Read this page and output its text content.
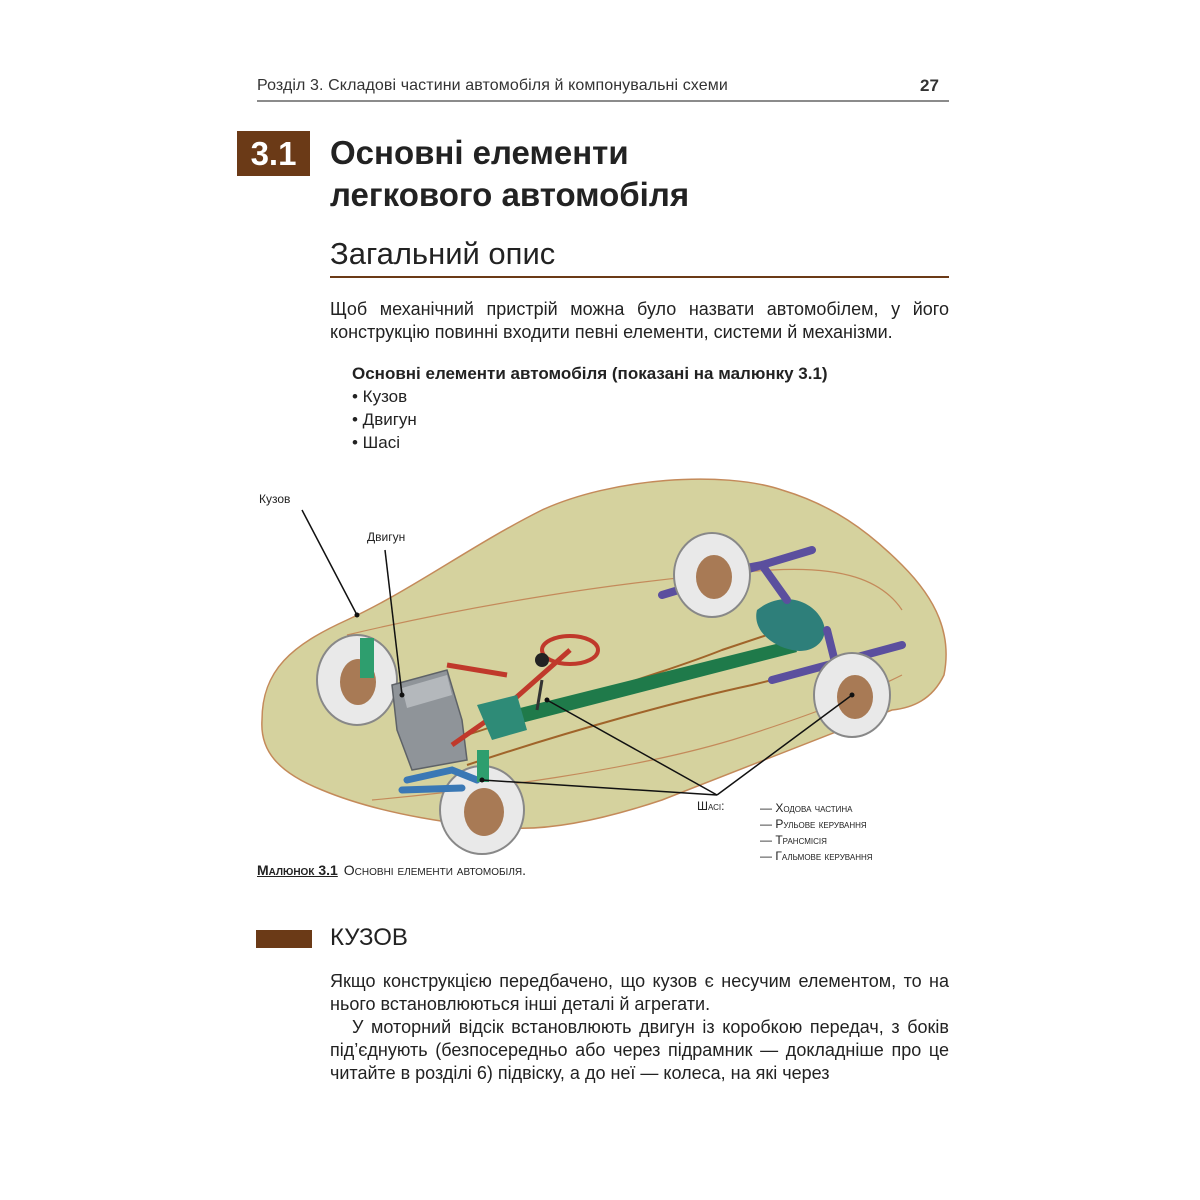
Розділ 3. Складові частини автомобіля й компонувальні схеми	27
3.1	Основні елементи
легкового автомобіля
Загальний опис
Щоб механічний пристрій можна було назвати автомобілем, у його конструкцію повинні входити певні елементи, системи й механізми.
Основні елементи автомобіля (показані на малюнку 3.1)
• Кузов
• Двигун
• Шасі
Кузов
Двигун
Шасі:	— Ходова частина
— Рульове керування
— Трансмісія
— Гальмове керування
Малюнок 3.1 Основні елементи автомобіля.
КУЗОВ
Якщо конструкцією передбачено, що кузов є несучим елементом, то на нього встановлюються інші деталі й агрегати.
У моторний відсік встановлюють двигун із коробкою передач, з боків під’єднують (безпосередньо або через підрамник — докладніше про це читайте в розділі 6) підвіску, а до неї — колеса, на які через
